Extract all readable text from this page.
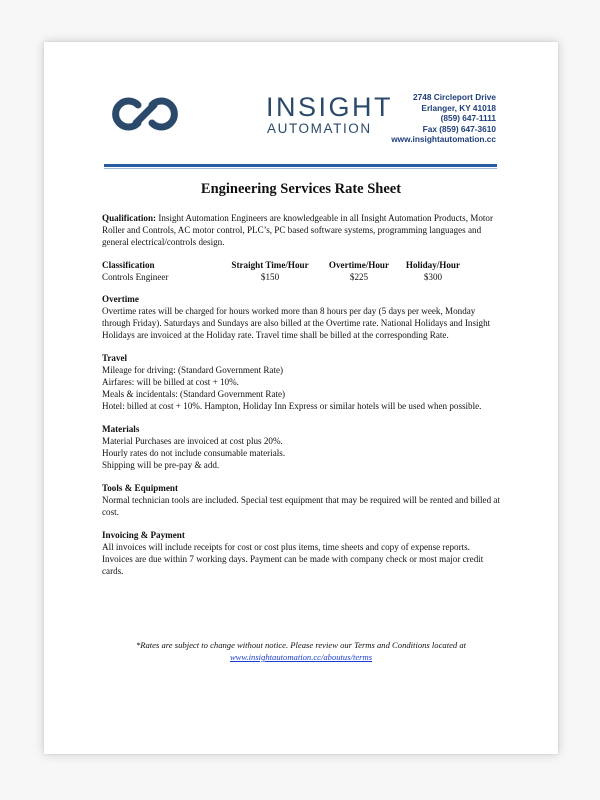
INSIGHT
AUTOMATION
2748 Circleport Drive
Erlanger, KY 41018
(859) 647-1111
Fax (859) 647-3610
www.insightautomation.cc
Engineering Services Rate Sheet

Qualification: Insight Automation Engineers are knowledgeable in all Insight Automation Products, Motor Roller and Controls, AC motor control, PLC’s, PC based software systems, programming languages and general electrical/controls design.

Classification	Straight Time/Hour	Overtime/Hour	Holiday/Hour
Controls Engineer	$150	$225	$300
Overtime

Overtime rates will be charged for hours worked more than 8 hours per day (5 days per week, Monday through Friday). Saturdays and Sundays are also billed at the Overtime rate. National Holidays and Insight Holidays are invoiced at the Holiday rate. Travel time shall be billed at the corresponding Rate.

Travel

Mileage for driving: (Standard Government Rate)

Airfares: will be billed at cost + 10%.

Meals & incidentals: (Standard Government Rate)

Hotel: billed at cost + 10%. Hampton, Holiday Inn Express or similar hotels will be used when possible.

Materials

Material Purchases are invoiced at cost plus 20%.

Hourly rates do not include consumable materials.

Shipping will be pre-pay & add.

Tools & Equipment

Normal technician tools are included. Special test equipment that may be required will be rented and billed at cost.

Invoicing & Payment

All invoices will include receipts for cost or cost plus items, time sheets and copy of expense reports. Invoices are due within 7 working days. Payment can be made with company check or most major credit cards.

*Rates are subject to change without notice. Please review our Terms and Conditions located at
www.insightautomation.cc/aboutus/terms
